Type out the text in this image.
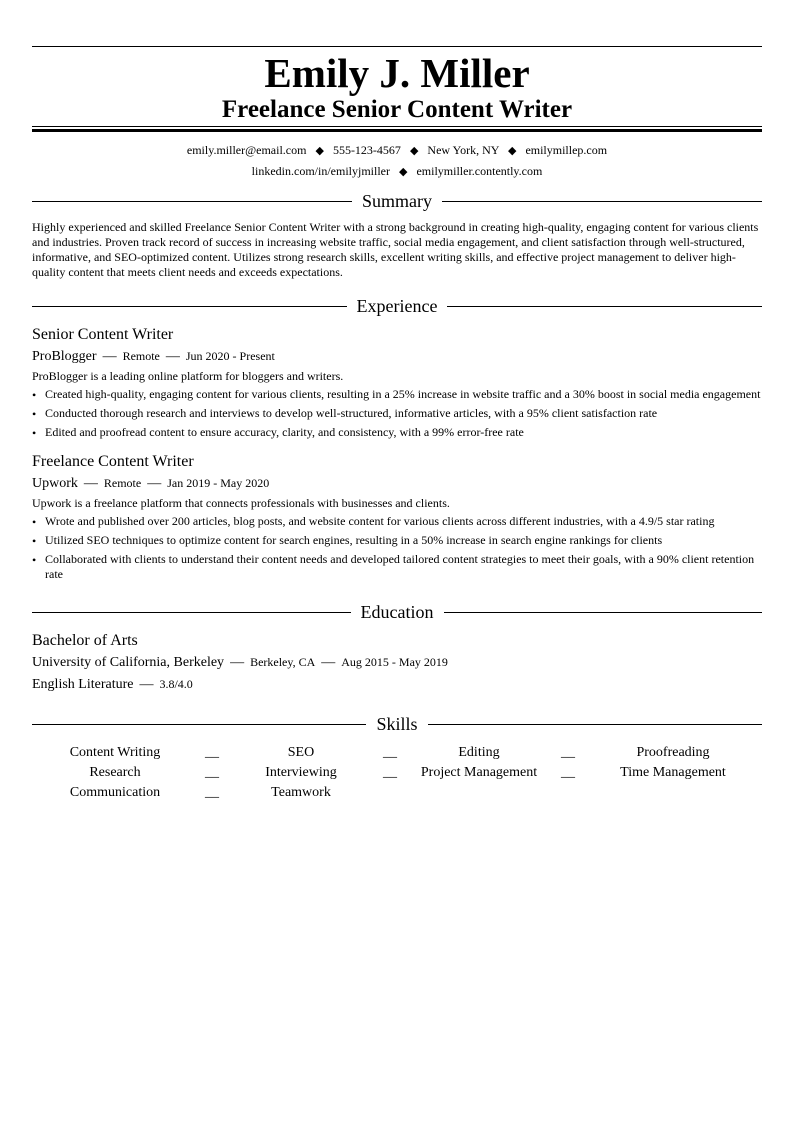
Emily J. Miller
Freelance Senior Content Writer
emily.miller@email.com ◆ 555-123-4567 ◆ New York, NY ◆ emilymillep.com
linkedin.com/in/emilyjmiller ◆ emilymiller.contently.com
Summary
Highly experienced and skilled Freelance Senior Content Writer with a strong background in creating high-quality, engaging content for various clients and industries. Proven track record of success in increasing website traffic, social media engagement, and client satisfaction through well-structured, informative, and SEO-optimized content. Utilizes strong research skills, excellent writing skills, and effective project management to deliver high-quality content that meets client needs and exceeds expectations.
Experience
Senior Content Writer
ProBlogger — Remote — Jun 2020 - Present
ProBlogger is a leading online platform for bloggers and writers.
• Created high-quality, engaging content for various clients, resulting in a 25% increase in website traffic and a 30% boost in social media engagement
• Conducted thorough research and interviews to develop well-structured, informative articles, with a 95% client satisfaction rate
• Edited and proofread content to ensure accuracy, clarity, and consistency, with a 99% error-free rate
Freelance Content Writer
Upwork — Remote — Jan 2019 - May 2020
Upwork is a freelance platform that connects professionals with businesses and clients.
• Wrote and published over 200 articles, blog posts, and website content for various clients across different industries, with a 4.9/5 star rating
• Utilized SEO techniques to optimize content for search engines, resulting in a 50% increase in search engine rankings for clients
• Collaborated with clients to understand their content needs and developed tailored content strategies to meet their goals, with a 90% client retention rate
Education
Bachelor of Arts
University of California, Berkeley — Berkeley, CA — Aug 2015 - May 2019
English Literature — 3.8/4.0
Skills
Content Writing	__	SEO	__	Editing	__	Proofreading
Research	__	Interviewing	__	Project Management	__	Time Management
Communication	__	Teamwork
